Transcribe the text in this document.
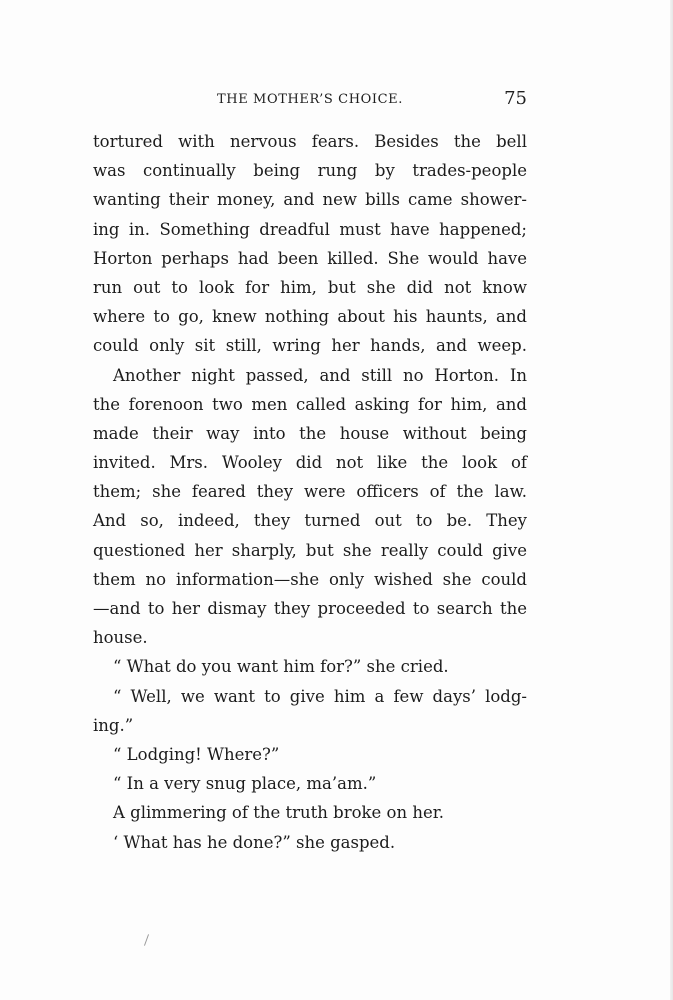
THE MOTHER’S CHOICE.	75
tortured with nervous fears. Besides the bell
was continually being rung by trades-people
wanting their money, and new bills came shower-
ing in. Something dreadful must have happened;
Horton perhaps had been killed. She would have
run out to look for him, but she did not know
where to go, knew nothing about his haunts, and
could only sit still, wring her hands, and weep.
Another night passed, and still no Horton. In
the forenoon two men called asking for him, and
made their way into the house without being
invited. Mrs. Wooley did not like the look of
them; she feared they were officers of the law.
And so, indeed, they turned out to be. They
questioned her sharply, but she really could give
them no information—she only wished she could
—and to her dismay they proceeded to search the
house.
“ What do you want him for?” she cried.
“ Well, we want to give him a few days’ lodg-
ing.”
“ Lodging! Where?”
“ In a very snug place, ma’am.”
A glimmering of the truth broke on her.
‘ What has he done?” she gasped.
